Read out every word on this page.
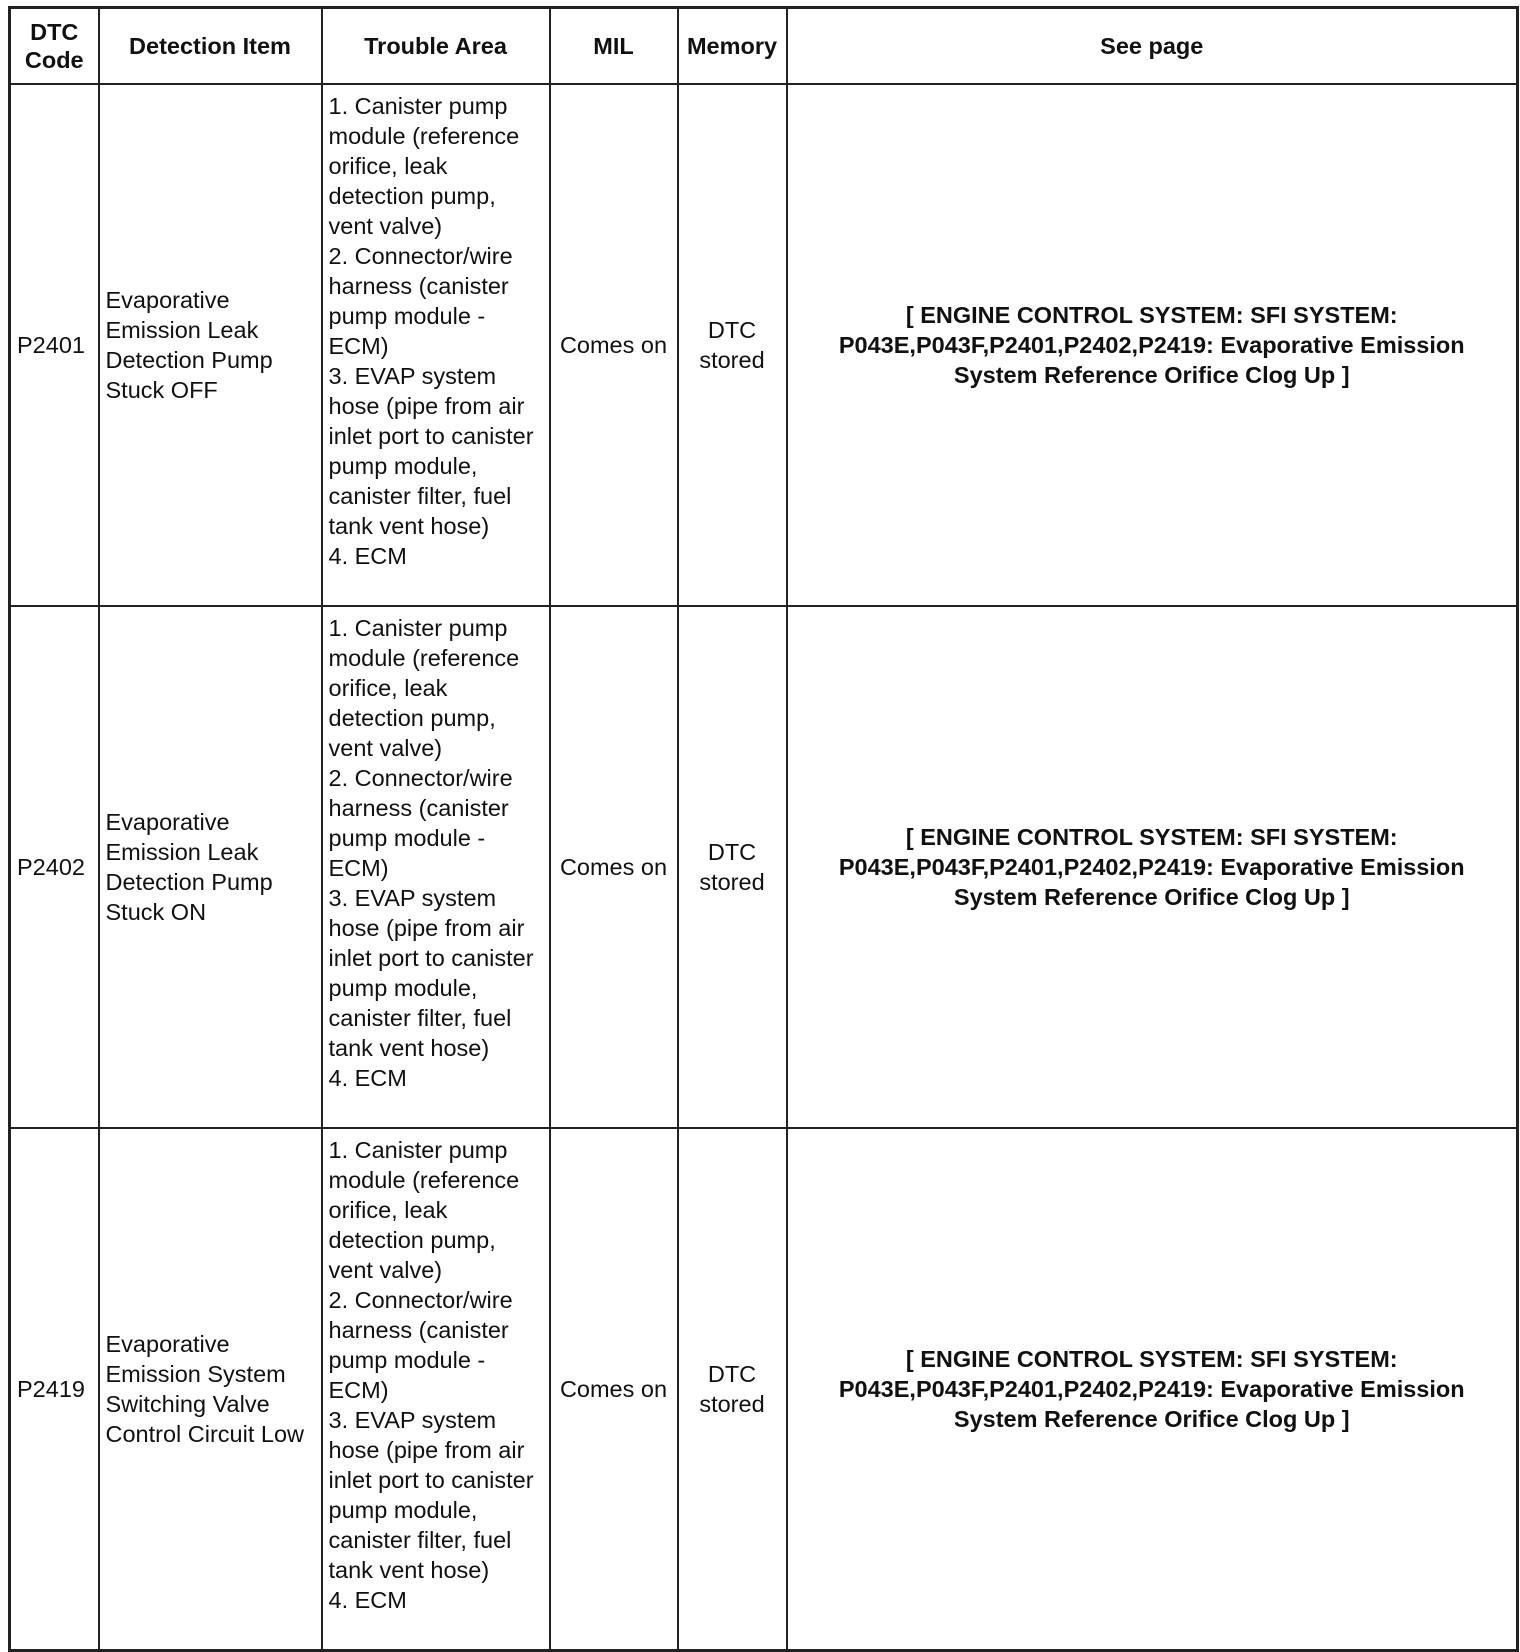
DTC Code	Detection Item	Trouble Area	MIL	Memory	See page
P2401	Evaporative Emission Leak Detection Pump Stuck OFF	1. Canister pump module (reference orifice, leak detection pump, vent valve)
2. Connector/wire harness (canister pump module - ECM)
3. EVAP system hose (pipe from air inlet port to canister pump module, canister filter, fuel tank vent hose)
4. ECM	Comes on	DTC stored	[ ENGINE CONTROL SYSTEM: SFI SYSTEM: P043E,P043F,P2401,P2402,P2419: Evaporative Emission System Reference Orifice Clog Up ]
P2402	Evaporative Emission Leak Detection Pump Stuck ON	1. Canister pump module (reference orifice, leak detection pump, vent valve)
2. Connector/wire harness (canister pump module - ECM)
3. EVAP system hose (pipe from air inlet port to canister pump module, canister filter, fuel tank vent hose)
4. ECM	Comes on	DTC stored	[ ENGINE CONTROL SYSTEM: SFI SYSTEM: P043E,P043F,P2401,P2402,P2419: Evaporative Emission System Reference Orifice Clog Up ]
P2419	Evaporative Emission System Switching Valve Control Circuit Low	1. Canister pump module (reference orifice, leak detection pump, vent valve)
2. Connector/wire harness (canister pump module - ECM)
3. EVAP system hose (pipe from air inlet port to canister pump module, canister filter, fuel tank vent hose)
4. ECM	Comes on	DTC stored	[ ENGINE CONTROL SYSTEM: SFI SYSTEM: P043E,P043F,P2401,P2402,P2419: Evaporative Emission System Reference Orifice Clog Up ]
